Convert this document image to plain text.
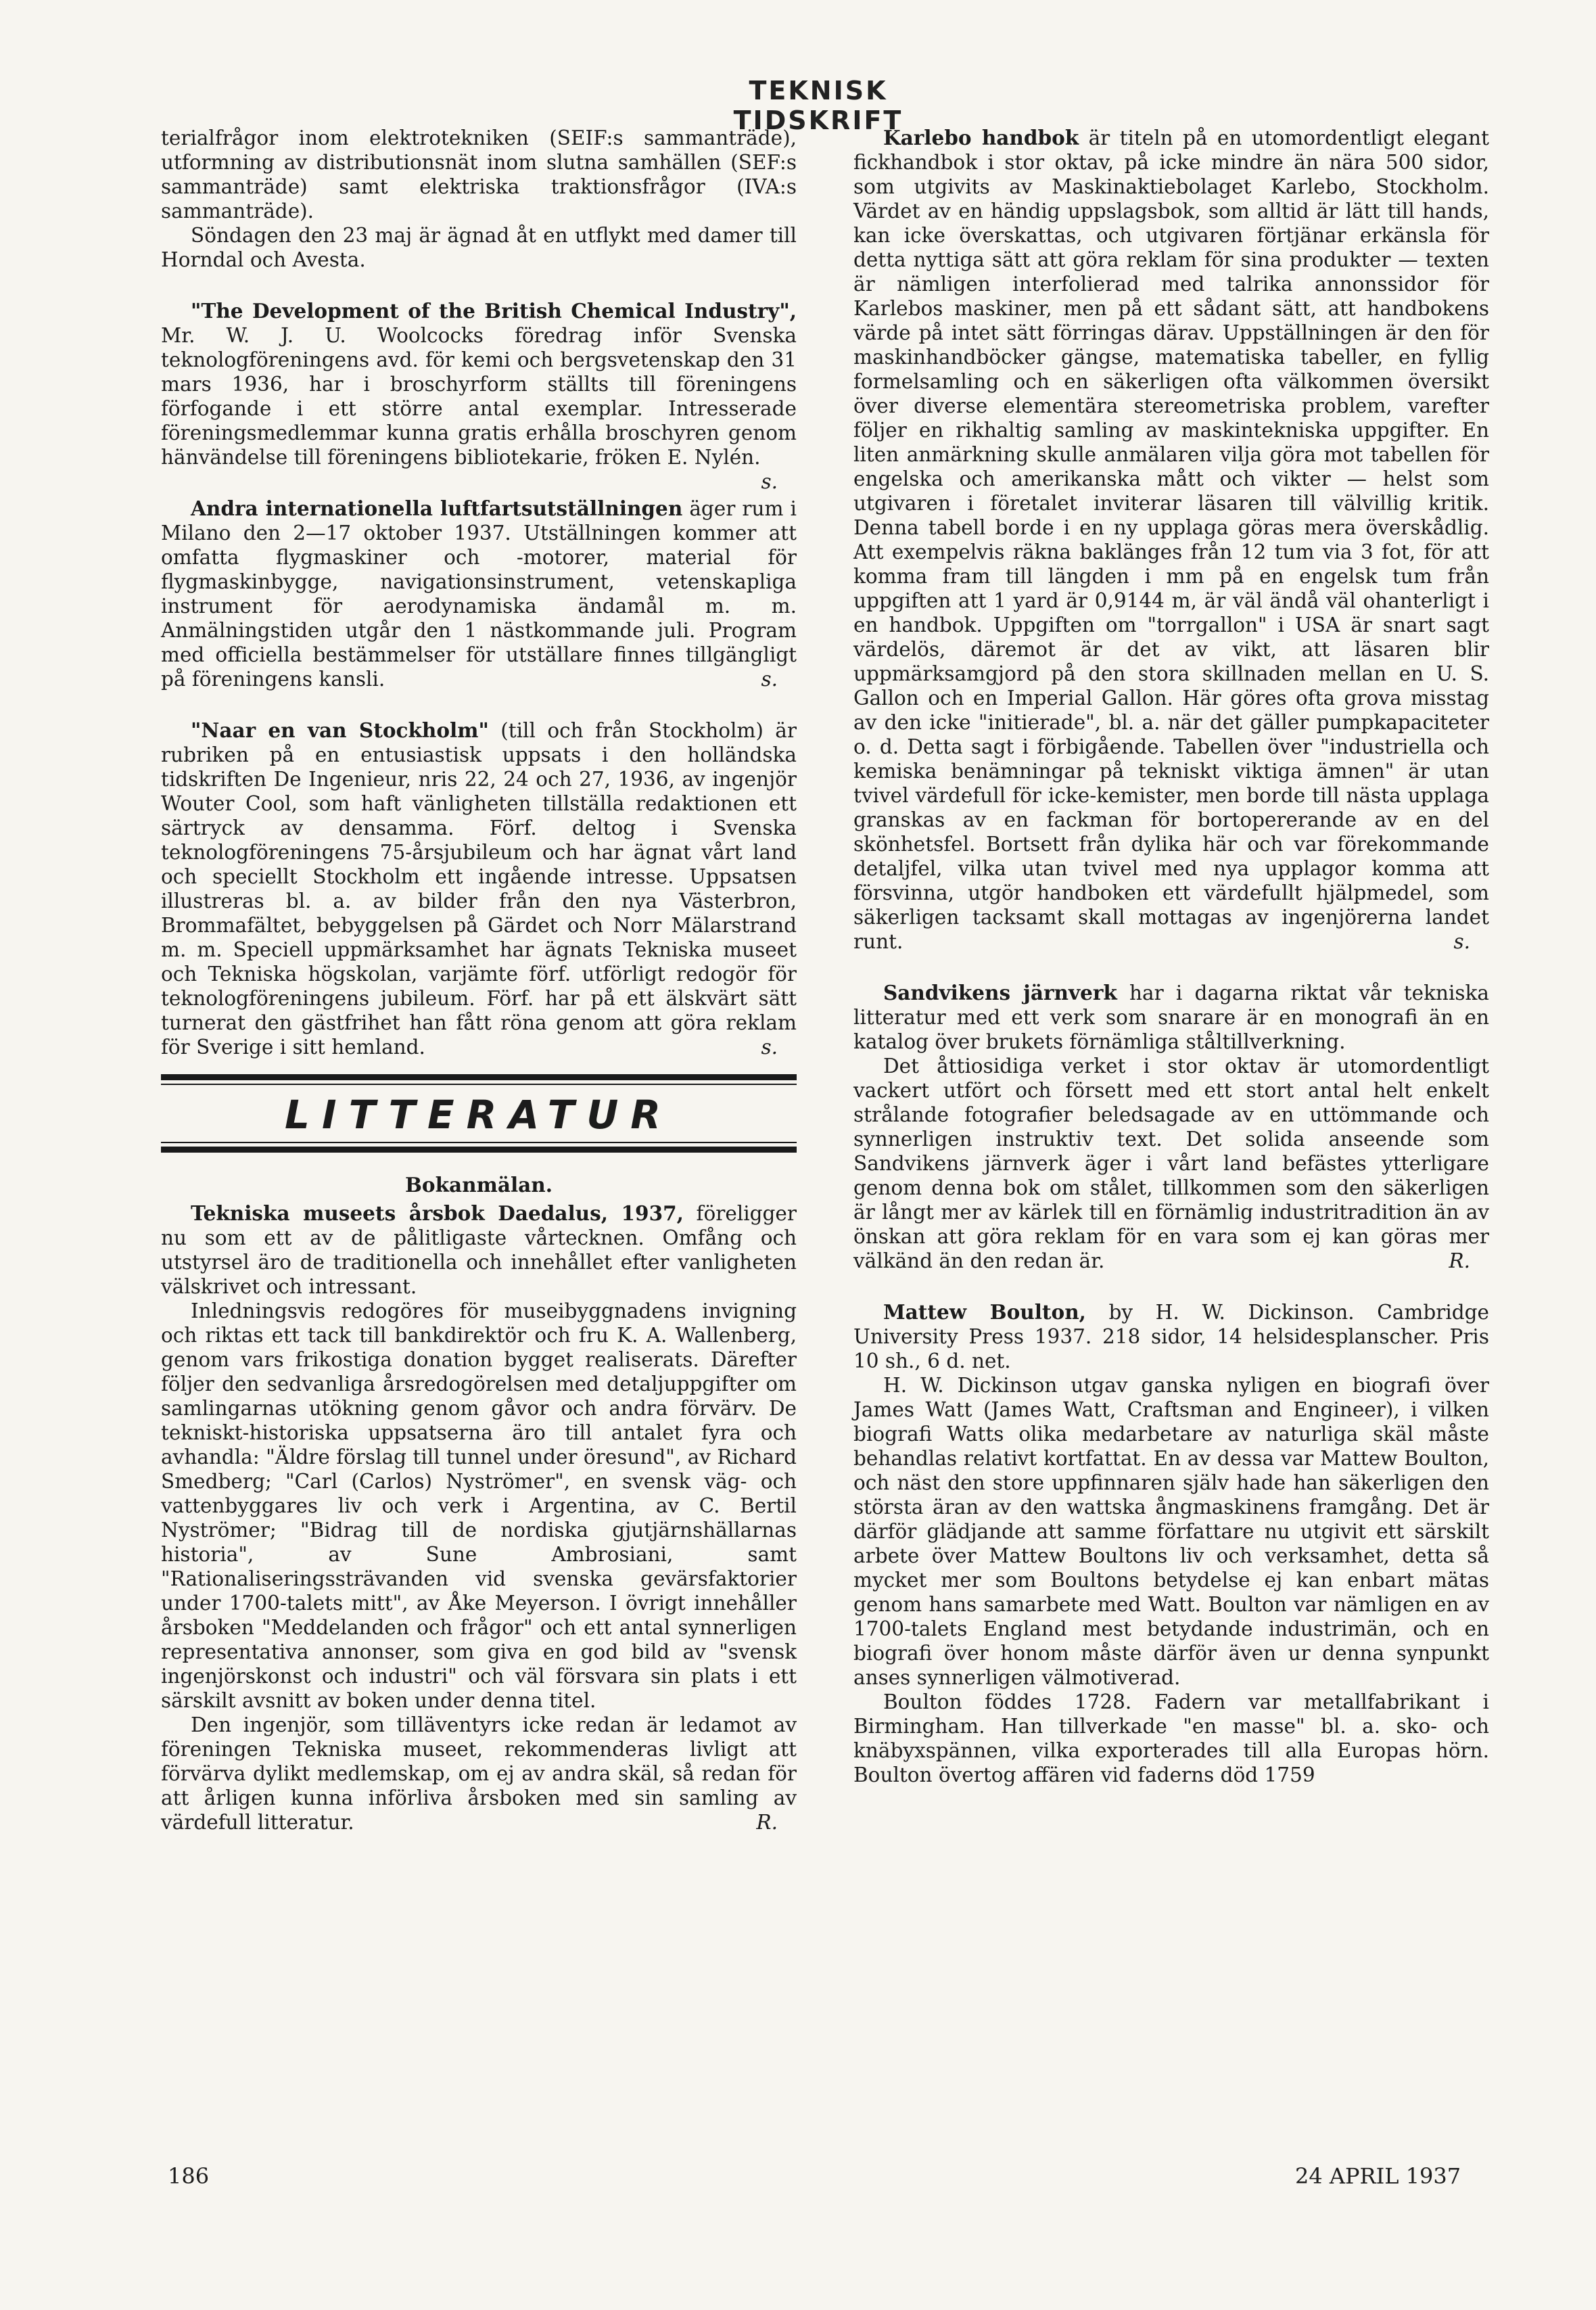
TEKNISK TIDSKRIFT

terialfrågor inom elektrotekniken (SEIF:s sammanträde), utformning av distributionsnät inom slutna samhällen (SEF:s sammanträde) samt elektriska traktionsfrågor (IVA:s sammanträde).

Söndagen den 23 maj är ägnad åt en utflykt med damer till Horndal och Avesta.

"The Development of the British Chemical Industry", Mr. W. J. U. Woolcocks föredrag inför Svenska teknologföreningens avd. för kemi och bergsvetenskap den 31 mars 1936, har i broschyrform ställts till föreningens förfogande i ett större antal exemplar. Intresserade föreningsmedlemmar kunna gratis erhålla broschyren genom hänvändelse till föreningens bibliotekarie, fröken E. Nylén.
s.

Andra internationella luftfartsutställningen äger rum i Milano den 2—17 oktober 1937. Utställningen kommer att omfatta flygmaskiner och -motorer, material för flygmaskinbygge, navigationsinstrument, vetenskapliga instrument för aerodynamiska ändamål m. m. Anmälningstiden utgår den 1 nästkommande juli. Program med officiella bestämmelser för utställare finnes tillgängligt på föreningens kansli.	s.

"Naar en van Stockholm" (till och från Stockholm) är rubriken på en entusiastisk uppsats i den holländska tidskriften De Ingenieur, nris 22, 24 och 27, 1936, av ingenjör Wouter Cool, som haft vänligheten tillställa redaktionen ett särtryck av densamma. Förf. deltog i Svenska teknologföreningens 75-årsjubileum och har ägnat vårt land och speciellt Stockholm ett ingående intresse. Uppsatsen illustreras bl. a. av bilder från den nya Västerbron, Brommafältet, bebyggelsen på Gärdet och Norr Mälarstrand m. m. Speciell uppmärksamhet har ägnats Tekniska museet och Tekniska högskolan, varjämte förf. utförligt redogör för teknologföreningens jubileum. Förf. har på ett älskvärt sätt turnerat den gästfrihet han fått röna genom att göra reklam för Sverige i sitt hemland.	s.

LITTERATUR
Bokanmälan.

Tekniska museets årsbok Daedalus, 1937, föreligger nu som ett av de pålitligaste vårtecknen. Omfång och utstyrsel äro de traditionella och innehållet efter vanligheten välskrivet och intressant.

Inledningsvis redogöres för museibyggnadens invigning och riktas ett tack till bankdirektör och fru K. A. Wallenberg, genom vars frikostiga donation bygget realiserats. Därefter följer den sedvanliga årsredogörelsen med detaljuppgifter om samlingarnas utökning genom gåvor och andra förvärv. De tekniskt-historiska uppsatserna äro till antalet fyra och avhandla: "Äldre förslag till tunnel under öresund", av Richard Smedberg; "Carl (Carlos) Nyströmer", en svensk väg- och vattenbyggares liv och verk i Argentina, av C. Bertil Nyströmer; "Bidrag till de nordiska gjutjärnshällarnas historia", av Sune Ambrosiani, samt "Rationaliseringssträvanden vid svenska gevärsfaktorier under 1700-talets mitt", av Åke Meyerson. I övrigt innehåller årsboken "Meddelanden och frågor" och ett antal synnerligen representativa annonser, som giva en god bild av "svensk ingenjörskonst och industri" och väl försvara sin plats i ett särskilt avsnitt av boken under denna titel.

Den ingenjör, som tilläventyrs icke redan är ledamot av föreningen Tekniska museet, rekommenderas livligt att förvärva dylikt medlemskap, om ej av andra skäl, så redan för att årligen kunna införliva årsboken med sin samling av värdefull litteratur.	R.

Karlebo handbok är titeln på en utomordentligt elegant fickhandbok i stor oktav, på icke mindre än nära 500 sidor, som utgivits av Maskinaktiebolaget Karlebo, Stockholm. Värdet av en händig uppslagsbok, som alltid är lätt till hands, kan icke överskattas, och utgivaren förtjänar erkänsla för detta nyttiga sätt att göra reklam för sina produkter — texten är nämligen interfolierad med talrika annonssidor för Karlebos maskiner, men på ett sådant sätt, att handbokens värde på intet sätt förringas därav. Uppställningen är den för maskinhandböcker gängse, matematiska tabeller, en fyllig formelsamling och en säkerligen ofta välkommen översikt över diverse elementära stereometriska problem, varefter följer en rikhaltig samling av maskintekniska uppgifter. En liten anmärkning skulle anmälaren vilja göra mot tabellen för engelska och amerikanska mått och vikter — helst som utgivaren i företalet inviterar läsaren till välvillig kritik. Denna tabell borde i en ny upplaga göras mera överskådlig. Att exempelvis räkna baklänges från 12 tum via 3 fot, för att komma fram till längden i mm på en engelsk tum från uppgiften att 1 yard är 0,9144 m, är väl ändå väl ohanterligt i en handbok. Uppgiften om "torrgallon" i USA är snart sagt värdelös, däremot är det av vikt, att läsaren blir uppmärksamgjord på den stora skillnaden mellan en U. S. Gallon och en Imperial Gallon. Här göres ofta grova misstag av den icke "initierade", bl. a. när det gäller pumpkapaciteter o. d. Detta sagt i förbigående. Tabellen över "industriella och kemiska benämningar på tekniskt viktiga ämnen" är utan tvivel värdefull för icke-kemister, men borde till nästa upplaga granskas av en fackman för bortopererande av en del skönhetsfel. Bortsett från dylika här och var förekommande detaljfel, vilka utan tvivel med nya upplagor komma att försvinna, utgör handboken ett värdefullt hjälpmedel, som säkerligen tacksamt skall mottagas av ingenjörerna landet runt.	s.

Sandvikens järnverk har i dagarna riktat vår tekniska litteratur med ett verk som snarare är en monografi än en katalog över brukets förnämliga ståltillverkning.

Det åttiosidiga verket i stor oktav är utomordentligt vackert utfört och försett med ett stort antal helt enkelt strålande fotografier beledsagade av en uttömmande och synnerligen instruktiv text. Det solida anseende som Sandvikens järnverk äger i vårt land befästes ytterligare genom denna bok om stålet, tillkommen som den säkerligen är långt mer av kärlek till en förnämlig industritradition än av önskan att göra reklam för en vara som ej kan göras mer välkänd än den redan är.	R.

Mattew Boulton, by H. W. Dickinson. Cambridge University Press 1937. 218 sidor, 14 helsidesplanscher. Pris 10 sh., 6 d. net.

H. W. Dickinson utgav ganska nyligen en biografi över James Watt (James Watt, Craftsman and Engineer), i vilken biografi Watts olika medarbetare av naturliga skäl måste behandlas relativt kortfattat. En av dessa var Mattew Boulton, och näst den store uppfinnaren själv hade han säkerligen den största äran av den wattska ångmaskinens framgång. Det är därför glädjande att samme författare nu utgivit ett särskilt arbete över Mattew Boultons liv och verksamhet, detta så mycket mer som Boultons betydelse ej kan enbart mätas genom hans samarbete med Watt. Boulton var nämligen en av 1700-talets England mest betydande industrimän, och en biografi över honom måste därför även ur denna synpunkt anses synnerligen välmotiverad.

Boulton föddes 1728. Fadern var metallfabrikant i Birmingham. Han tillverkade "en masse" bl. a. sko- och knäbyxspännen, vilka exporterades till alla Europas hörn. Boulton övertog affären vid faderns död 1759

186	24 APRIL 1937
